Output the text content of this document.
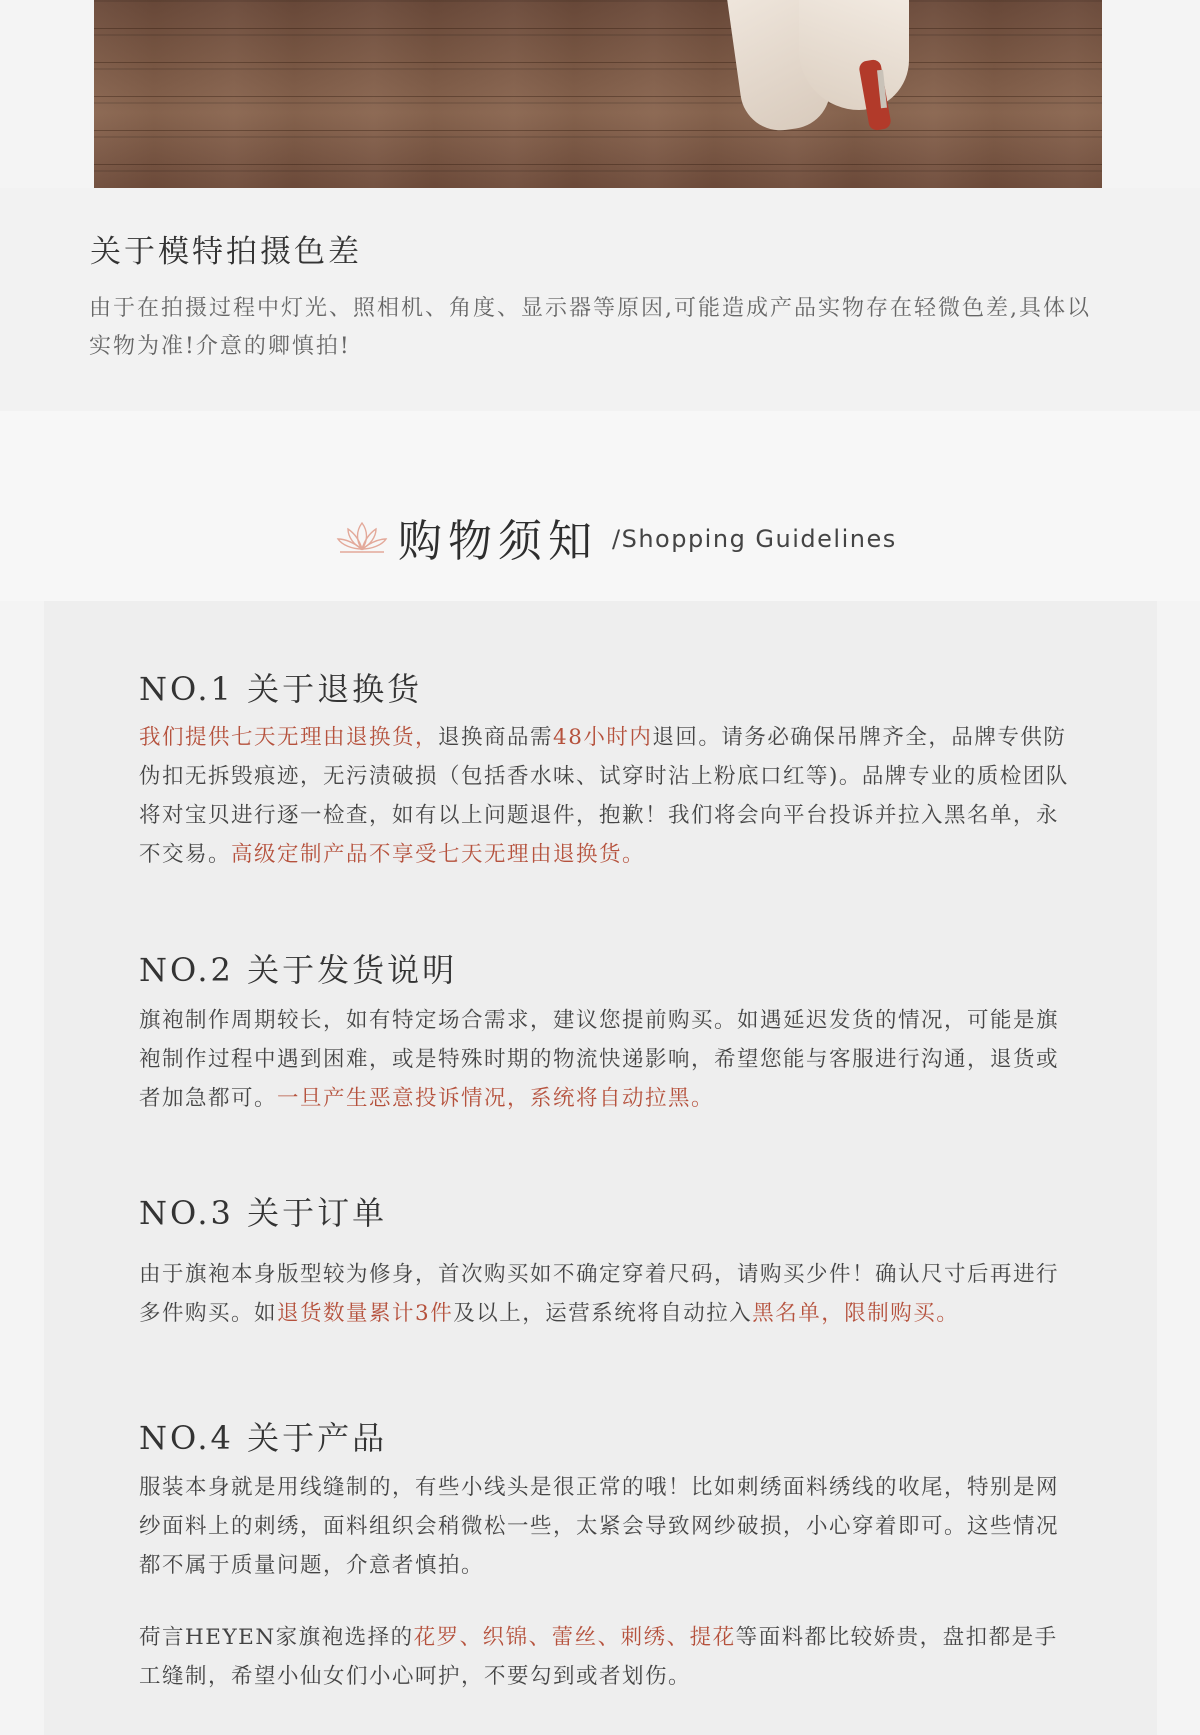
关于模特拍摄色差

由于在拍摄过程中灯光、照相机、角度、显示器等原因,可能造成产品实物存在轻微色差,具体以实物为准!介意的卿慎拍!

购物须知 /Shopping Guidelines
NO.1 关于退换货

我们提供七天无理由退换货，退换商品需48小时内退回。请务必确保吊牌齐全，品牌专供防伪扣无拆毁痕迹，无污渍破损（包括香水味、试穿时沾上粉底口红等)。品牌专业的质检团队将对宝贝进行逐一检查，如有以上问题退件，抱歉！我们将会向平台投诉并拉入黑名单，永不交易。高级定制产品不享受七天无理由退换货。

NO.2 关于发货说明

旗袍制作周期较长，如有特定场合需求，建议您提前购买。如遇延迟发货的情况，可能是旗袍制作过程中遇到困难，或是特殊时期的物流快递影响，希望您能与客服进行沟通，退货或者加急都可。一旦产生恶意投诉情况，系统将自动拉黑。

NO.3 关于订单

由于旗袍本身版型较为修身，首次购买如不确定穿着尺码，请购买少件！确认尺寸后再进行多件购买。如退货数量累计3件及以上，运营系统将自动拉入黑名单，限制购买。

NO.4 关于产品

服装本身就是用线缝制的，有些小线头是很正常的哦！比如刺绣面料绣线的收尾，特别是网纱面料上的刺绣，面料组织会稍微松一些，太紧会导致网纱破损，小心穿着即可。这些情况都不属于质量问题，介意者慎拍。

荷言HEYEN家旗袍选择的花罗、织锦、蕾丝、刺绣、提花等面料都比较娇贵，盘扣都是手工缝制，希望小仙女们小心呵护，不要勾到或者划伤。
